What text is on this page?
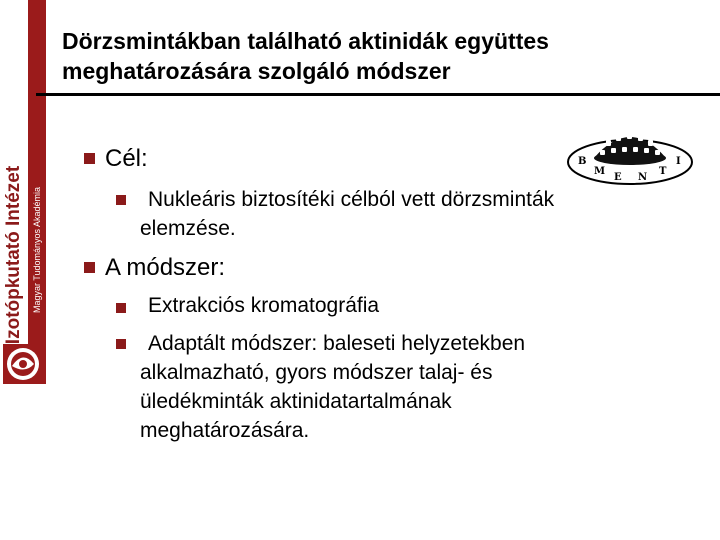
Izotópkutató Intézet Magyar Tudományos Akadémia
Dörzsmintákban található aktinidák együttes
meghatározására szolgáló módszer
B
M
E N
T
I
Cél:
Nukleáris biztosítéki célból vett dörzsminták
elemzése.
A módszer:
Extrakciós kromatográfia
Adaptált módszer: baleseti helyzetekben
alkalmazható, gyors módszer talaj- és
üledékminták aktinidatartalmának
meghatározására.
